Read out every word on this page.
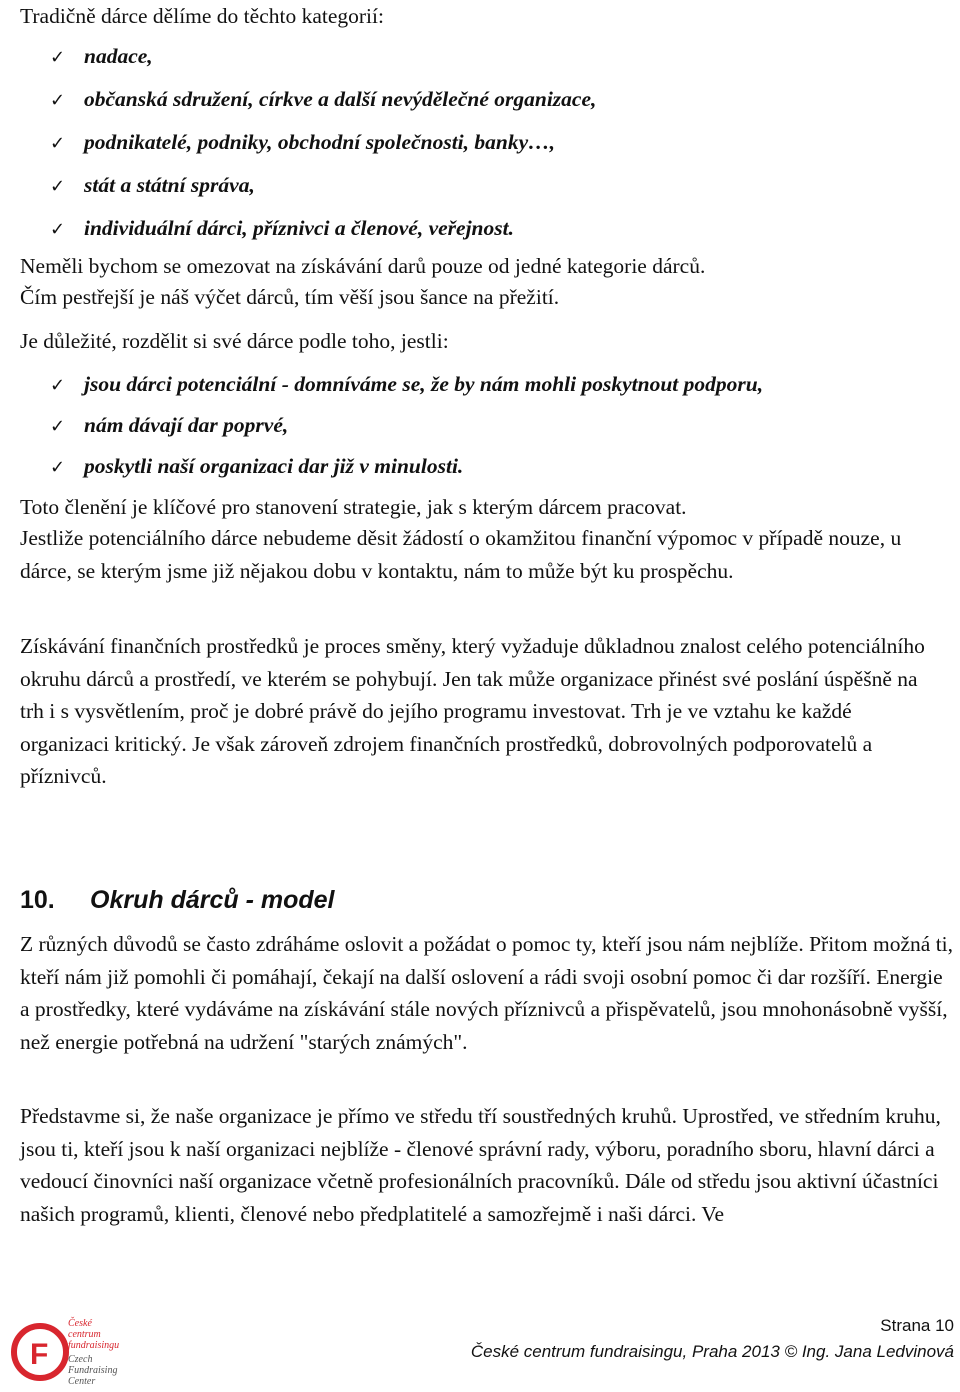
Tradičně dárce dělíme do těchto kategorií:
✓ nadace,
✓ občanská sdružení, církve a další nevýdělečné organizace,
✓ podnikatelé, podniky, obchodní společnosti, banky…,
✓ stát a státní správa,
✓ individuální dárci, příznivci a členové, veřejnost.
Neměli bychom se omezovat na získávání darů pouze od jedné kategorie dárců.
Čím pestřejší je náš výčet dárců, tím věší jsou šance na přežití.
Je důležité, rozdělit si své dárce podle toho, jestli:
✓ jsou dárci potenciální - domníváme se, že by nám mohli poskytnout podporu,
✓ nám dávají dar poprvé,
✓ poskytli naší organizaci dar již v minulosti.
Toto členění je klíčové pro stanovení strategie, jak s kterým dárcem pracovat.

Jestliže potenciálního dárce nebudeme děsit žádostí o okamžitou finanční výpomoc v případě nouze, u dárce, se kterým jsme již nějakou dobu v kontaktu, nám to může být ku prospěchu.

Získávání finančních prostředků je proces směny, který vyžaduje důkladnou znalost celého potenciálního okruhu dárců a prostředí, ve kterém se pohybují. Jen tak může organizace přinést své poslání úspěšně na trh i s vysvětlením, proč je dobré právě do jejího programu investovat. Trh je ve vztahu ke každé organizaci kritický. Je však zároveň zdrojem finančních prostředků, dobrovolných podporovatelů a příznivců.

10. Okruh dárců - model

Z různých důvodů se často zdráháme oslovit a požádat o pomoc ty, kteří jsou nám nejblíže. Přitom možná ti, kteří nám již pomohli či pomáhají, čekají na další oslovení a rádi svoji osobní pomoc či dar rozšíří. Energie a prostředky, které vydáváme na získávání stále nových příznivců a přispěvatelů, jsou mnohonásobně vyšší, než energie potřebná na udržení "starých známých".

Představme si, že naše organizace je přímo ve středu tří soustředných kruhů. Uprostřed, ve středním kruhu, jsou ti, kteří jsou k naší organizaci nejblíže - členové správní rady, výboru, poradního sboru, hlavní dárci a vedoucí činovníci naší organizace včetně profesionálních pracovníků. Dále od středu jsou aktivní účastníci našich programů, klienti, členové nebo předplatitelé a samozřejmě i naši dárci. Ve

F
České
centrum
fundraisingu
Czech
Fundraising
Center
Strana 10
České centrum fundraisingu, Praha 2013 © Ing. Jana Ledvinová
